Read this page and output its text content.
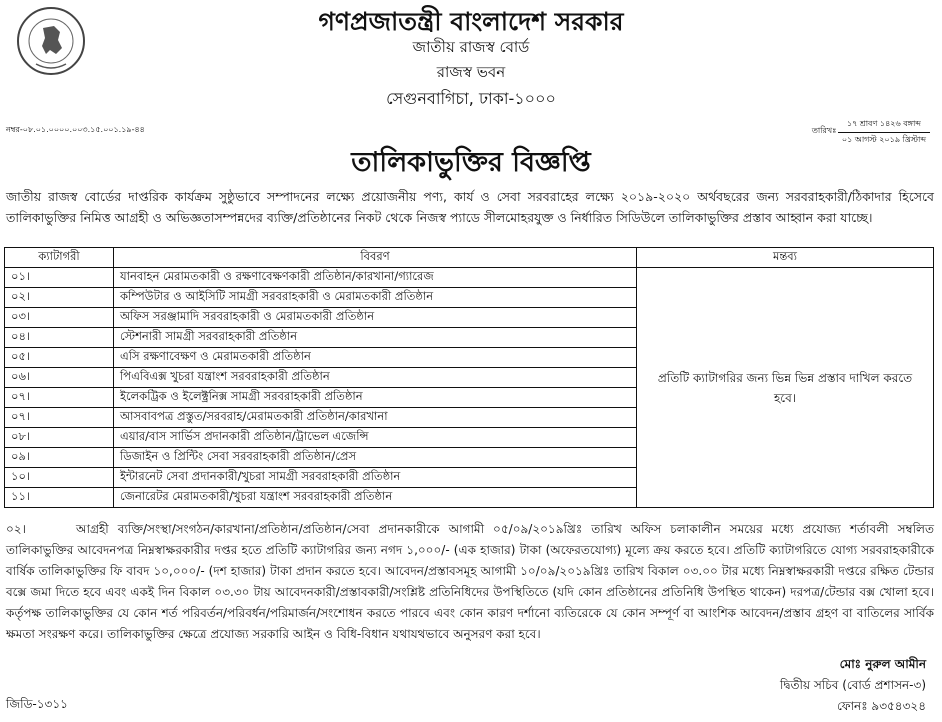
গণপ্রজাতন্ত্রী বাংলাদেশ সরকার
জাতীয় রাজস্ব বোর্ড
রাজস্ব ভবন
সেগুনবাগিচা, ঢাকা-১০০০
নম্বর-০৮.০১.০০০০.০০৩.১৫.০০১.১৯-৪৪	তারিখঃ
১৭ শ্রাবণ ১৪২৬ বঙ্গাব্দ
০১ আগস্ট ২০১৯ খ্রিস্টাব্দ
তালিকাভুক্তির বিজ্ঞপ্তি
জাতীয় রাজস্ব বোর্ডের দাপ্তরিক কার্যক্রম সুষ্ঠুভাবে সম্পাদনের লক্ষ্যে প্রয়োজনীয় পণ্য, কার্য ও সেবা সরবরাহের লক্ষ্যে ২০১৯-২০২০ অর্থবছরের জন্য সরবরাহকারী/ঠিকাদার হিসেবে তালিকাভুক্তির নিমিত্ত আগ্রহী ও অভিজ্ঞতাসম্পন্নদের ব্যক্তি/প্রতিষ্ঠানের নিকট থেকে নিজস্ব প্যাডে সীলমোহরযুক্ত ও নির্ধারিত সিডিউলে তালিকাভুক্তির প্রস্তাব আহ্বান করা যাচ্ছে।
ক্যাটাগরী	বিবরণ	মন্তব্য
০১।	যানবাহন মেরামতকারী ও রক্ষণাবেক্ষণকারী প্রতিষ্ঠান/কারখানা/গ্যারেজ	প্রতিটি ক্যাটাগরির জন্য ভিন্ন ভিন্ন প্রস্তাব দাখিল করতে হবে।
০২।	কম্পিউটার ও আইসিটি সামগ্রী সরবরাহকারী ও মেরামতকারী প্রতিষ্ঠান	
০৩।	অফিস সরঞ্জামাদি সরবরাহকারী ও মেরামতকারী প্রতিষ্ঠান	
০৪।	স্টেশনারী সামগ্রী সরবরাহকারী প্রতিষ্ঠান	
০৫।	এসি রক্ষণাবেক্ষণ ও মেরামতকারী প্রতিষ্ঠান	
০৬।	পিএবিএক্স খুচরা যন্ত্রাংশ সরবরাহকারী প্রতিষ্ঠান	
০৭।	ইলেকট্রিক ও ইলেক্ট্রনিক্স সামগ্রী সরবরাহকারী প্রতিষ্ঠান	
০৭।	আসবাবপত্র প্রস্তুত/সরবরাহ/মেরামতকারী প্রতিষ্ঠান/কারখানা	
০৮।	এয়ার/বাস সার্ভিস প্রদানকারী প্রতিষ্ঠান/ট্রাভেল এজেন্সি	
০৯।	ডিজাইন ও প্রিন্টিং সেবা সরবরাহকারী প্রতিষ্ঠান/প্রেস	
১০।	ইন্টারনেট সেবা প্রদানকারী/খুচরা সামগ্রী সরবরাহকারী প্রতিষ্ঠান	
১১।	জেনারেটর মেরামতকারী/খুচরা যন্ত্রাংশ সরবরাহকারী প্রতিষ্ঠান	
০২।	আগ্রহী ব্যক্তি/সংস্থা/সংগঠন/কারখানা/প্রতিষ্ঠান/প্রতিষ্ঠান/সেবা প্রদানকারীকে আগামী ০৫/০৯/২০১৯খ্রিঃ তারিখ অফিস চলাকালীন সময়ের মধ্যে প্রযোজ্য শর্তাবলী সম্বলিত তালিকাভুক্তির আবেদনপত্র নিম্নস্বাক্ষরকারীর দপ্তর হতে প্রতিটি ক্যাটাগরির জন্য নগদ ১,০০০/- (এক হাজার) টাকা (অফেরতযোগ্য) মূল্যে ক্রয় করতে হবে। প্রতিটি ক্যাটাগরিতে যোগ্য সরবরাহকারীকে বার্ষিক তালিকাভুক্তির ফি বাবদ ১০,০০০/- (দশ হাজার) টাকা প্রদান করতে হবে। আবেদন/প্রস্তাবসমূহ আগামী ১০/০৯/২০১৯খ্রিঃ তারিখ বিকাল ০৩.০০ টার মধ্যে নিম্নস্বাক্ষরকারী দপ্তরে রক্ষিত টেন্ডার বক্সে জমা দিতে হবে এবং একই দিন বিকাল ০৩.৩০ টায় আবেদনকারী/প্রস্তাবকারী/সংশ্লিষ্ট প্রতিনিধিদের উপস্থিতিতে (যদি কোন প্রতিষ্ঠানের প্রতিনিধি উপস্থিত থাকেন) দরপত্র/টেন্ডার বক্স খোলা হবে। কর্তৃপক্ষ তালিকাভুক্তির যে কোন শর্ত পরিবর্তন/পরিবর্ধন/পরিমার্জন/সংশোধন করতে পারবে এবং কোন কারণ দর্শানো ব্যতিরেকে যে কোন সম্পূর্ণ বা আংশিক আবেদন/প্রস্তাব গ্রহণ বা বাতিলের সার্বিক ক্ষমতা সংরক্ষণ করে। তালিকাভুক্তির ক্ষেত্রে প্রযোজ্য সরকারি আইন ও বিধি-বিধান যথাযথভাবে অনুসরণ করা হবে।
মোঃ নুরুল আমীন
দ্বিতীয় সচিব (বোর্ড প্রশাসন-৩)
ফোনঃ ৯৩৫৪৩২৪
জিডি-১৩১১
